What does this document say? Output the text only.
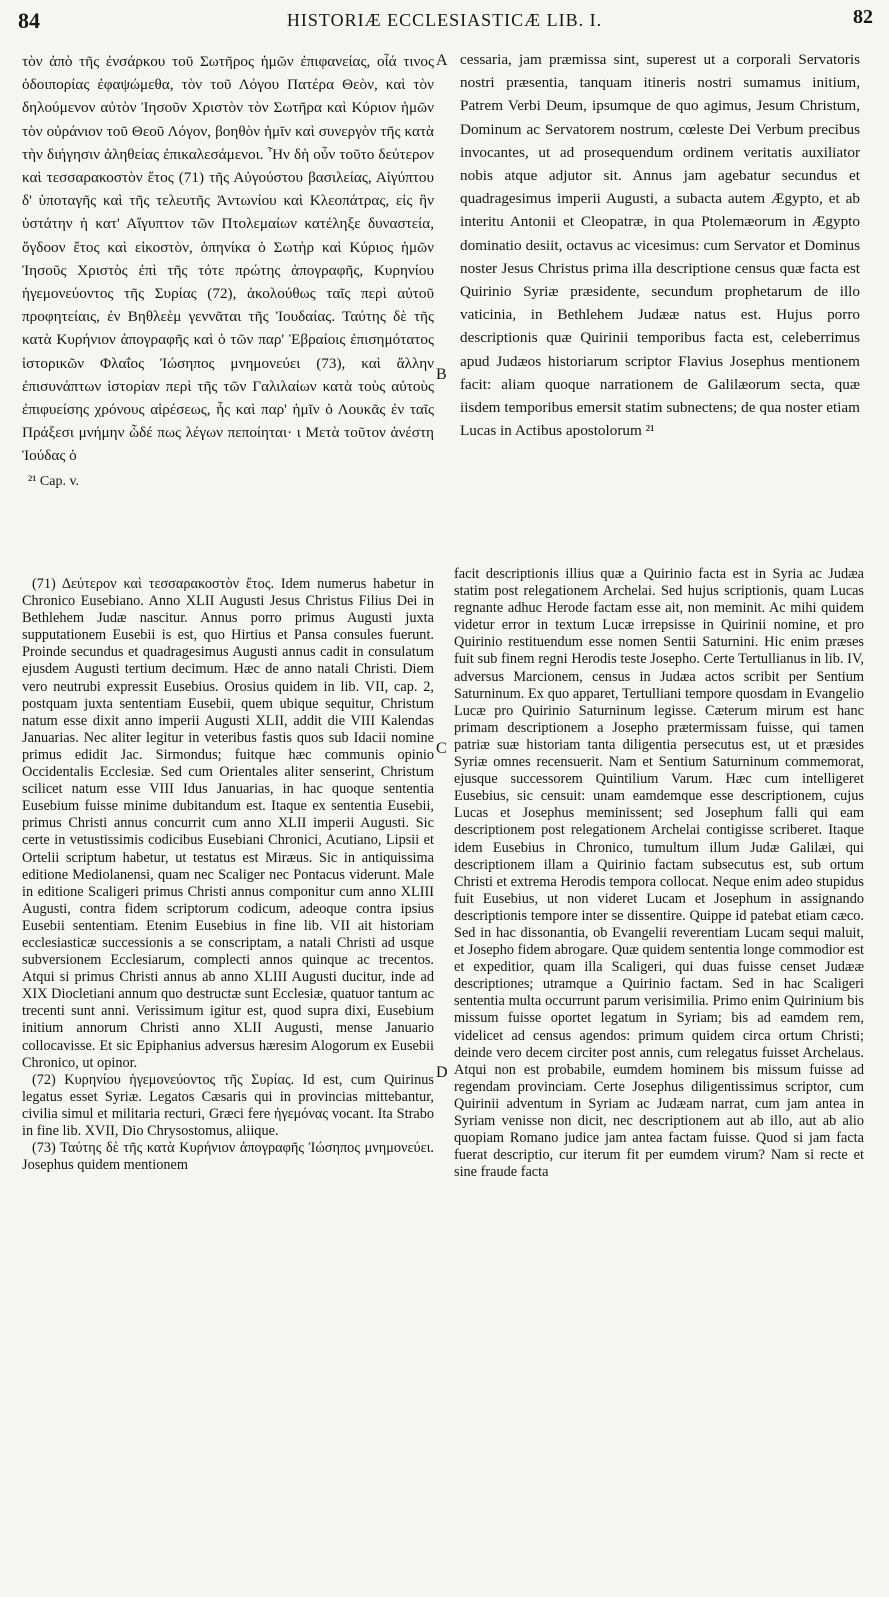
84	HISTORIÆ ECCLESIASTICÆ LIB. I.	82

τὸν ἀπὸ τῆς ἐνσάρκου τοῦ Σωτῆρος ἡμῶν ἐπιφανείας, οἷά τινος ὁδοιπορίας ἐφαψώμεθα, τὸν τοῦ Λόγου Πατέρα Θεὸν, καὶ τὸν δηλούμενον αὐτὸν Ἰησοῦν Χριστὸν τὸν Σωτῆρα καὶ Κύριον ἡμῶν τὸν οὐράνιον τοῦ Θεοῦ Λόγον, βοηθὸν ἡμῖν καὶ συνεργὸν τῆς κατὰ τὴν διήγησιν ἀληθείας ἐπικαλεσάμενοι. Ἦν δὴ οὖν τοῦτο δεύτερον καὶ τεσσαρακοστὸν ἔτος (71) τῆς Αὐγούστου βασιλείας, Αἰγύπτου δ' ὑποταγῆς καὶ τῆς τελευτῆς Ἀντωνίου καὶ Κλεοπάτρας, εἰς ἣν ὑστάτην ἡ κατ' Αἴγυπτον τῶν Πτολεμαίων κατέληξε δυναστεία, ὄγδοον ἔτος καὶ εἰκοστὸν, ὁπηνίκα ὁ Σωτὴρ καὶ Κύριος ἡμῶν Ἰησοῦς Χριστὸς ἐπὶ τῆς τότε πρώτης ἀπογραφῆς, Κυρηνίου ἡγεμονεύοντος τῆς Συρίας (72), ἀκολούθως ταῖς περὶ αὐτοῦ προφητείαις, ἐν Βηθλεὲμ γεννᾶται τῆς Ἰουδαίας. Ταύτης δὲ τῆς κατὰ Κυρήνιον ἀπογραφῆς καὶ ὁ τῶν παρ' Ἑβραίοις ἐπισημότατος ἱστορικῶν Φλαΐος Ἰώσηπος μνημονεύει (73), καὶ ἄλλην ἐπισυνάπτων ἱστορίαν περὶ τῆς τῶν Γαλιλαίων κατὰ τοὺς αὐτοὺς ἐπιφυείσης χρόνους αἱρέσεως, ἧς καὶ παρ' ἡμῖν ὁ Λουκᾶς ἐν ταῖς Πράξεσι μνήμην ὧδέ πως λέγων πεποίηται· ι Μετὰ τοῦτον ἀνέστη Ἰούδας ὁ

²¹ Cap. v.

A
B

cessaria, jam præmissa sint, superest ut a corporali Servatoris nostri præsentia, tanquam itineris nostri sumamus initium, Patrem Verbi Deum, ipsumque de quo agimus, Jesum Christum, Dominum ac Servatorem nostrum, cœleste Dei Verbum precibus invocantes, ut ad prosequendum ordinem veritatis auxiliator nobis atque adjutor sit. Annus jam agebatur secundus et quadragesimus imperii Augusti, a subacta autem Ægypto, et ab interitu Antonii et Cleopatræ, in qua Ptolemæorum in Ægypto dominatio desiit, octavus ac vicesimus: cum Servator et Dominus noster Jesus Christus prima illa descriptione census quæ facta est Quirinio Syriæ præsidente, secundum prophetarum de illo vaticinia, in Bethlehem Judææ natus est. Hujus porro descriptionis quæ Quirinii temporibus facta est, celeberrimus apud Judæos historiarum scriptor Flavius Josephus mentionem facit: aliam quoque narrationem de Galilæorum secta, quæ iisdem temporibus emersit statim subnectens; de qua noster etiam Lucas in Actibus apostolorum ²¹

(71) Δεύτερον καὶ τεσσαρακοστὸν ἔτος. Idem numerus habetur in Chronico Eusebiano. Anno XLII Augusti Jesus Christus Filius Dei in Bethlehem Judæ nascitur. Annus porro primus Augusti juxta supputationem Eusebii is est, quo Hirtius et Pansa consules fuerunt. Proinde secundus et quadragesimus Augusti annus cadit in consulatum ejusdem Augusti tertium decimum. Hæc de anno natali Christi. Diem vero neutrubi expressit Eusebius. Orosius quidem in lib. VII, cap. 2, postquam juxta sententiam Eusebii, quem ubique sequitur, Christum natum esse dixit anno imperii Augusti XLII, addit die VIII Kalendas Januarias. Nec aliter legitur in veteribus fastis quos sub Idacii nomine primus edidit Jac. Sirmondus; fuitque hæc communis opinio Occidentalis Ecclesiæ. Sed cum Orientales aliter senserint, Christum scilicet natum esse VIII Idus Januarias, in hac quoque sententia Eusebium fuisse minime dubitandum est. Itaque ex sententia Eusebii, primus Christi annus concurrit cum anno XLII imperii Augusti. Sic certe in vetustissimis codicibus Eusebiani Chronici, Acutiano, Lipsii et Ortelii scriptum habetur, ut testatus est Miræus. Sic in antiquissima editione Mediolanensi, quam nec Scaliger nec Pontacus viderunt. Male in editione Scaligeri primus Christi annus componitur cum anno XLIII Augusti, contra fidem scriptorum codicum, adeoque contra ipsius Eusebii sententiam. Etenim Eusebius in fine lib. VII ait historiam ecclesiasticæ successionis a se conscriptam, a natali Christi ad usque subversionem Ecclesiarum, complecti annos quinque ac trecentos. Atqui si primus Christi annus ab anno XLIII Augusti ducitur, inde ad XIX Diocletiani annum quo destructæ sunt Ecclesiæ, quatuor tantum ac trecenti sunt anni. Verissimum igitur est, quod supra dixi, Eusebium initium annorum Christi anno XLII Augusti, mense Januario collocavisse. Et sic Epiphanius adversus hæresim Alogorum ex Eusebii Chronico, ut opinor.

(72) Κυρηνίου ἡγεμονεύοντος τῆς Συρίας. Id est, cum Quirinus legatus esset Syriæ. Legatos Cæsaris qui in provincias mittebantur, civilia simul et militaria recturi, Græci fere ἡγεμόνας vocant. Ita Strabo in fine lib. XVII, Dio Chrysostomus, aliique.

(73) Ταύτης δὲ τῆς κατὰ Κυρήνιον ἀπογραφῆς Ἰώσηπος μνημονεύει. Josephus quidem mentionem

C
D

facit descriptionis illius quæ a Quirinio facta est in Syria ac Judæa statim post relegationem Archelai. Sed hujus scriptionis, quam Lucas regnante adhuc Herode factam esse ait, non meminit. Ac mihi quidem videtur error in textum Lucæ irrepsisse in Quirinii nomine, et pro Quirinio restituendum esse nomen Sentii Saturnini. Hic enim præses fuit sub finem regni Herodis teste Josepho. Certe Tertullianus in lib. IV, adversus Marcionem, census in Judæa actos scribit per Sentium Saturninum. Ex quo apparet, Tertulliani tempore quosdam in Evangelio Lucæ pro Quirinio Saturninum legisse. Cæterum mirum est hanc primam descriptionem a Josepho prætermissam fuisse, qui tamen patriæ suæ historiam tanta diligentia persecutus est, ut et præsides Syriæ omnes recensuerit. Nam et Sentium Saturninum commemorat, ejusque successorem Quintilium Varum. Hæc cum intelligeret Eusebius, sic censuit: unam eamdemque esse descriptionem, cujus Lucas et Josephus meminissent; sed Josephum falli qui eam descriptionem post relegationem Archelai contigisse scriberet. Itaque idem Eusebius in Chronico, tumultum illum Judæ Galilæi, qui descriptionem illam a Quirinio factam subsecutus est, sub ortum Christi et extrema Herodis tempora collocat. Neque enim adeo stupidus fuit Eusebius, ut non videret Lucam et Josephum in assignando descriptionis tempore inter se dissentire. Quippe id patebat etiam cæco. Sed in hac dissonantia, ob Evangelii reverentiam Lucam sequi maluit, et Josepho fidem abrogare. Quæ quidem sententia longe commodior est et expeditior, quam illa Scaligeri, qui duas fuisse censet Judææ descriptiones; utramque a Quirinio factam. Sed in hac Scaligeri sententia multa occurrunt parum verisimilia. Primo enim Quirinium bis missum fuisse oportet legatum in Syriam; bis ad eamdem rem, videlicet ad census agendos: primum quidem circa ortum Christi; deinde vero decem circiter post annis, cum relegatus fuisset Archelaus. Atqui non est probabile, eumdem hominem bis missum fuisse ad regendam provinciam. Certe Josephus diligentissimus scriptor, cum Quirinii adventum in Syriam ac Judæam narrat, cum jam antea in Syriam venisse non dicit, nec descriptionem aut ab illo, aut ab alio quopiam Romano judice jam antea factam fuisse. Quod si jam facta fuerat descriptio, cur iterum fit per eumdem virum? Nam si recte et sine fraude facta
